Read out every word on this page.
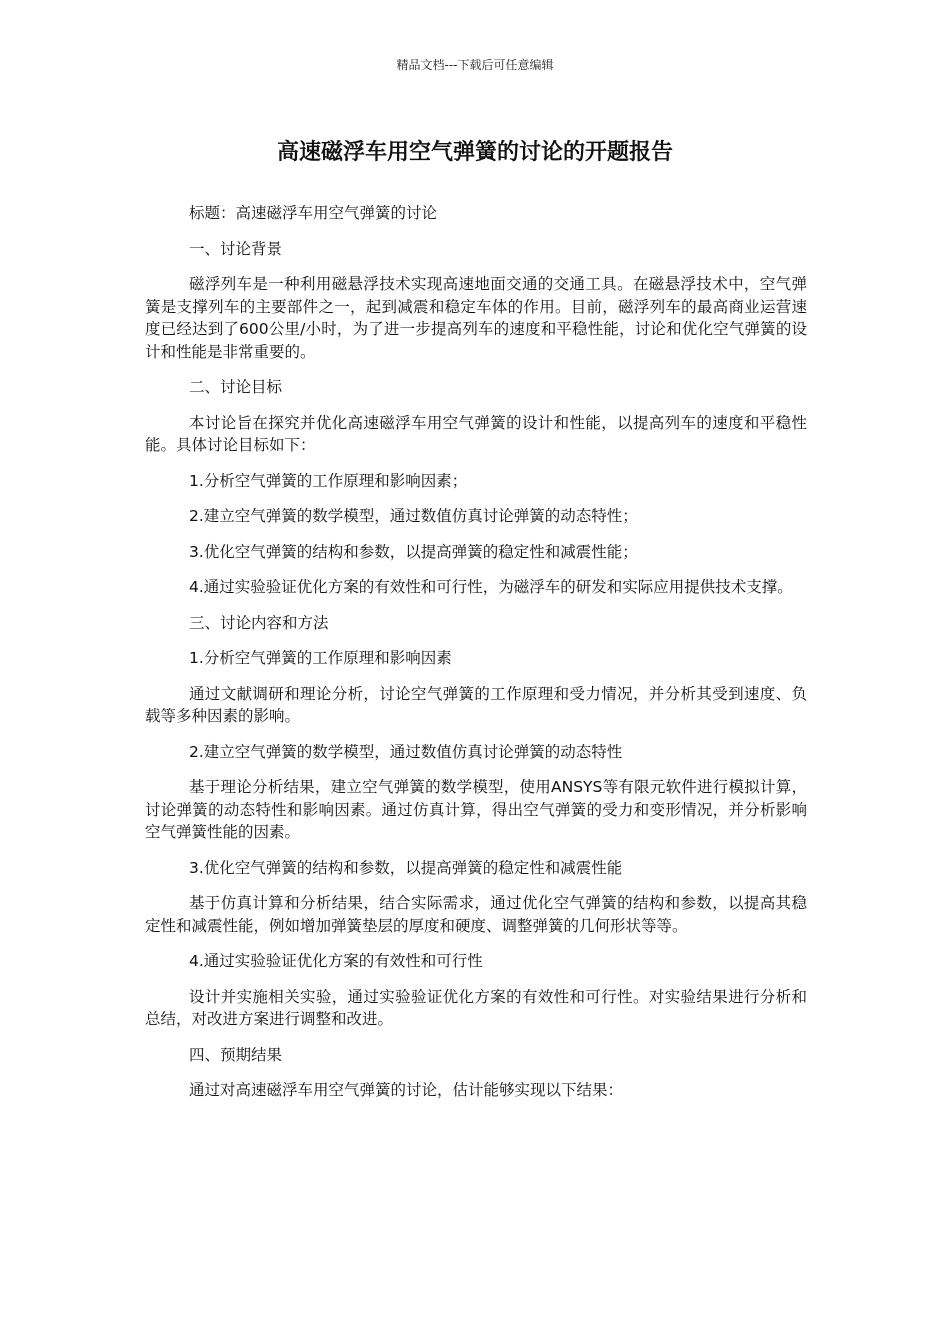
精品文档---下载后可任意编辑
高速磁浮车用空气弹簧的讨论的开题报告

标题：高速磁浮车用空气弹簧的讨论

一、讨论背景

磁浮列车是一种利用磁悬浮技术实现高速地面交通的交通工具。在磁悬浮技术中，空气弹簧是支撑列车的主要部件之一，起到减震和稳定车体的作用。目前，磁浮列车的最高商业运营速度已经达到了600公里/小时，为了进一步提高列车的速度和平稳性能，讨论和优化空气弹簧的设计和性能是非常重要的。

二、讨论目标

本讨论旨在探究并优化高速磁浮车用空气弹簧的设计和性能，以提高列车的速度和平稳性能。具体讨论目标如下：

1.分析空气弹簧的工作原理和影响因素；

2.建立空气弹簧的数学模型，通过数值仿真讨论弹簧的动态特性；

3.优化空气弹簧的结构和参数，以提高弹簧的稳定性和减震性能；

4.通过实验验证优化方案的有效性和可行性，为磁浮车的研发和实际应用提供技术支撑。

三、讨论内容和方法

1.分析空气弹簧的工作原理和影响因素

通过文献调研和理论分析，讨论空气弹簧的工作原理和受力情况，并分析其受到速度、负载等多种因素的影响。

2.建立空气弹簧的数学模型，通过数值仿真讨论弹簧的动态特性

基于理论分析结果，建立空气弹簧的数学模型，使用ANSYS等有限元软件进行模拟计算，讨论弹簧的动态特性和影响因素。通过仿真计算，得出空气弹簧的受力和变形情况，并分析影响空气弹簧性能的因素。

3.优化空气弹簧的结构和参数，以提高弹簧的稳定性和减震性能

基于仿真计算和分析结果，结合实际需求，通过优化空气弹簧的结构和参数，以提高其稳定性和减震性能，例如增加弹簧垫层的厚度和硬度、调整弹簧的几何形状等等。

4.通过实验验证优化方案的有效性和可行性

设计并实施相关实验，通过实验验证优化方案的有效性和可行性。对实验结果进行分析和总结，对改进方案进行调整和改进。

四、预期结果

通过对高速磁浮车用空气弹簧的讨论，估计能够实现以下结果：
